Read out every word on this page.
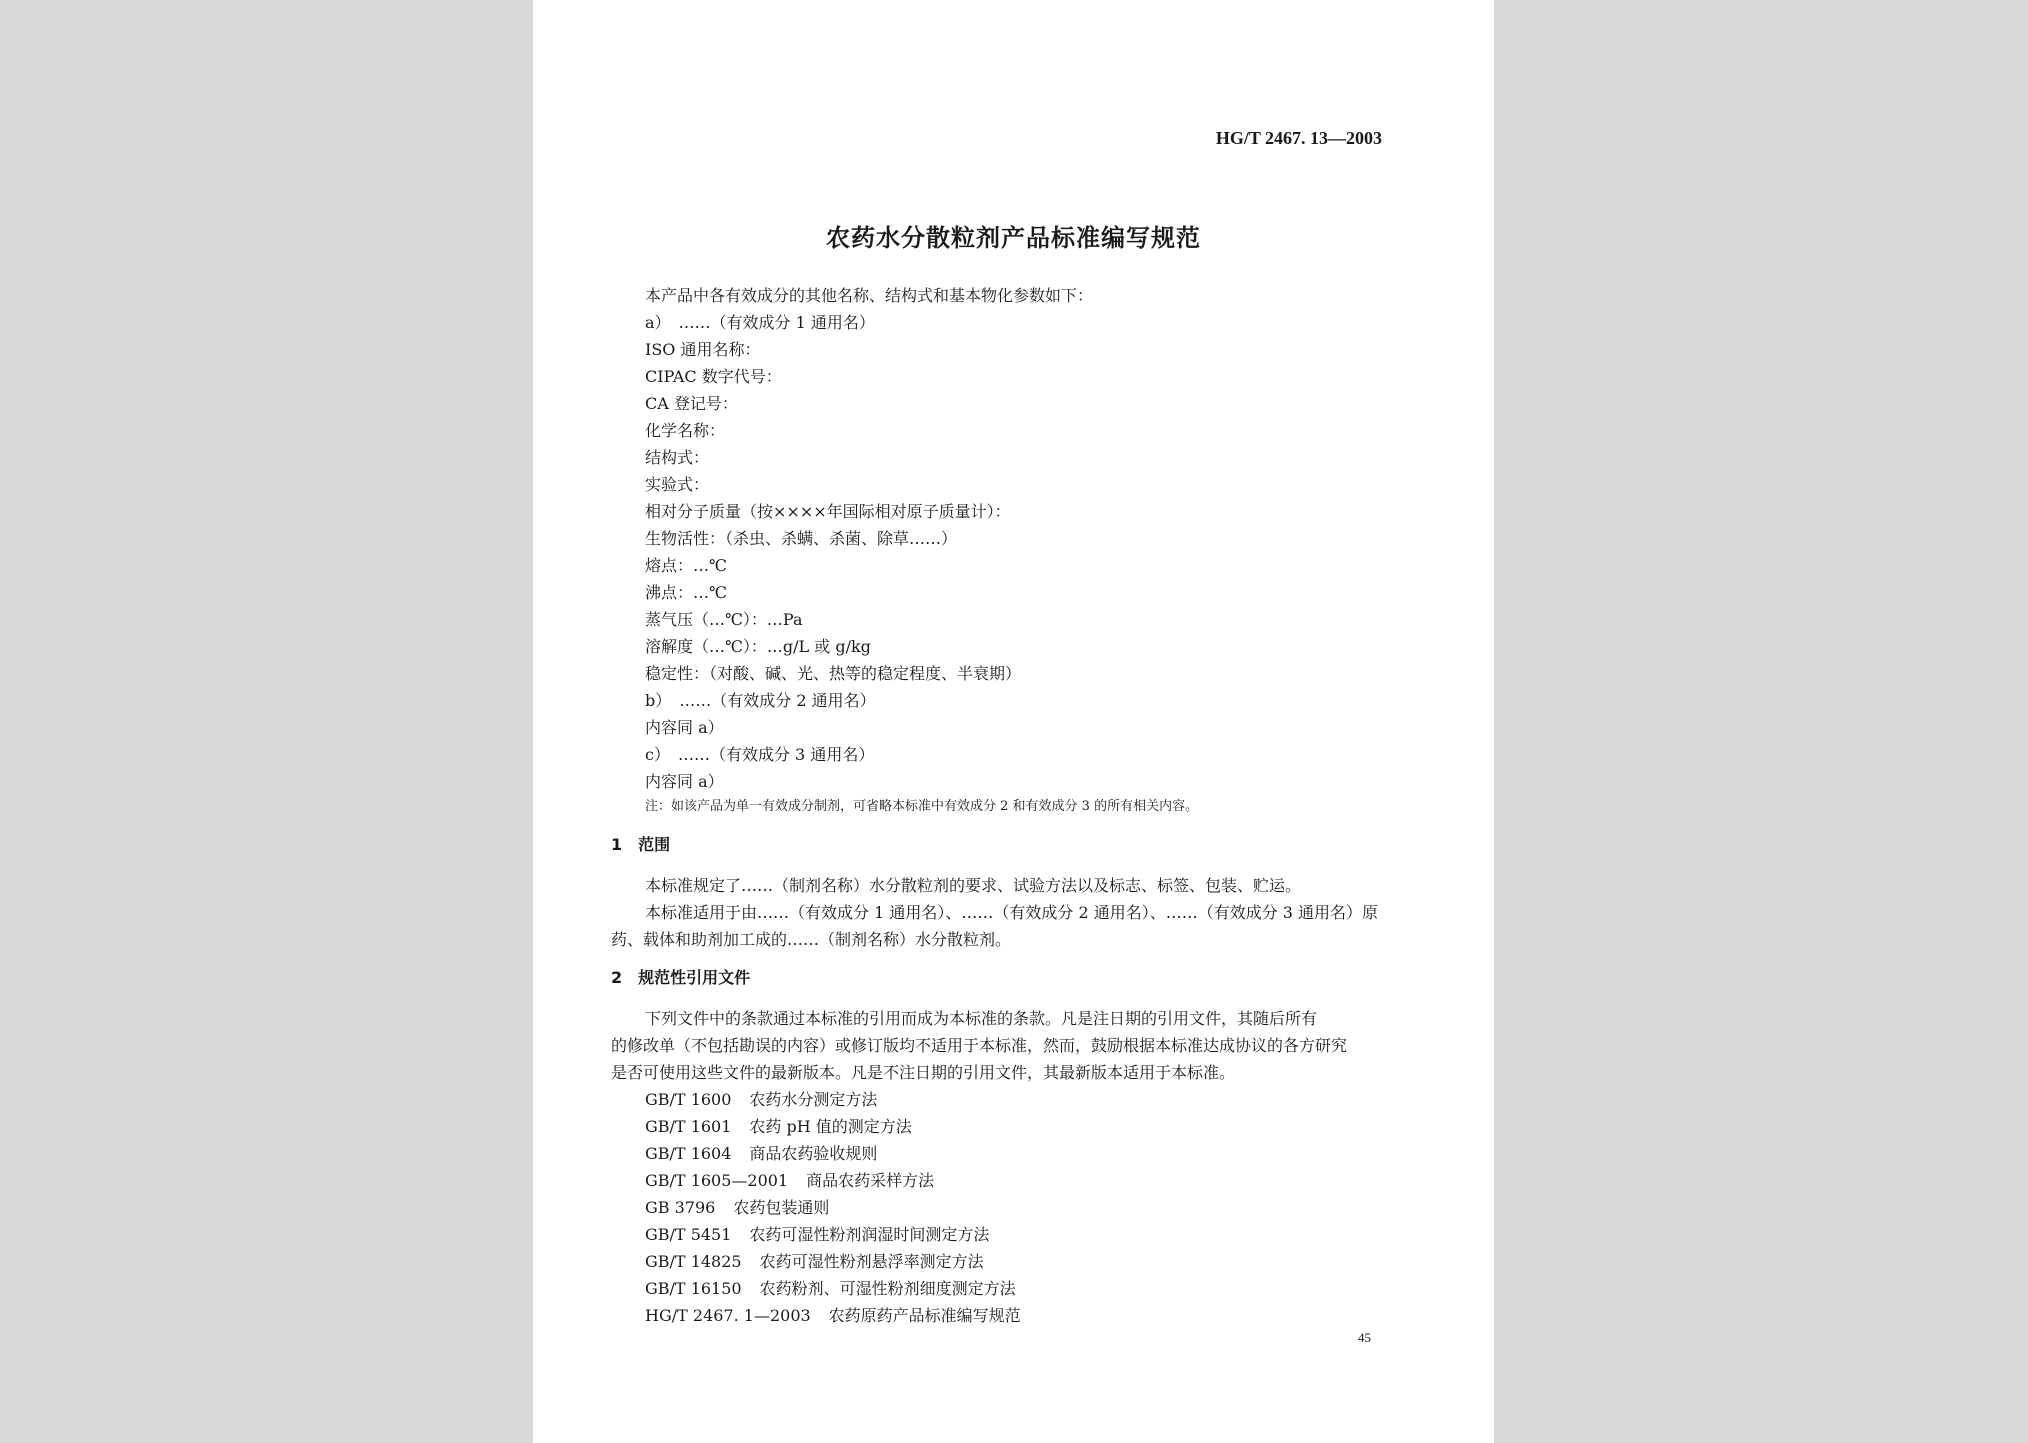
HG/T 2467. 13—2003
农药水分散粒剂产品标准编写规范
本产品中各有效成分的其他名称、结构式和基本物化参数如下：
a）　……（有效成分 1 通用名）
ISO 通用名称：
CIPAC 数字代号：
CA 登记号：
化学名称：
结构式：
实验式：
相对分子质量（按××××年国际相对原子质量计）：
生物活性：（杀虫、杀螨、杀菌、除草……）
熔点：…℃
沸点：…℃
蒸气压（…℃）：…Pa
溶解度（…℃）：…g/L 或 g/kg
稳定性：（对酸、碱、光、热等的稳定程度、半衰期）
b）　……（有效成分 2 通用名）
内容同 a）
c）　……（有效成分 3 通用名）
内容同 a）
注：如该产品为单一有效成分制剂，可省略本标准中有效成分 2 和有效成分 3 的所有相关内容。
1　范围
本标准规定了……（制剂名称）水分散粒剂的要求、试验方法以及标志、标签、包装、贮运。
本标准适用于由……（有效成分 1 通用名）、……（有效成分 2 通用名）、……（有效成分 3 通用名）原
药、载体和助剂加工成的……（制剂名称）水分散粒剂。
2　规范性引用文件
下列文件中的条款通过本标准的引用而成为本标准的条款。凡是注日期的引用文件，其随后所有
的修改单（不包括勘误的内容）或修订版均不适用于本标准，然而，鼓励根据本标准达成协议的各方研究
是否可使用这些文件的最新版本。凡是不注日期的引用文件，其最新版本适用于本标准。
GB/T 1600 农药水分测定方法
GB/T 1601 农药 pH 值的测定方法
GB/T 1604 商品农药验收规则
GB/T 1605—2001 商品农药采样方法
GB 3796 农药包装通则
GB/T 5451 农药可湿性粉剂润湿时间测定方法
GB/T 14825 农药可湿性粉剂悬浮率测定方法
GB/T 16150 农药粉剂、可湿性粉剂细度测定方法
HG/T 2467. 1—2003 农药原药产品标准编写规范
45
